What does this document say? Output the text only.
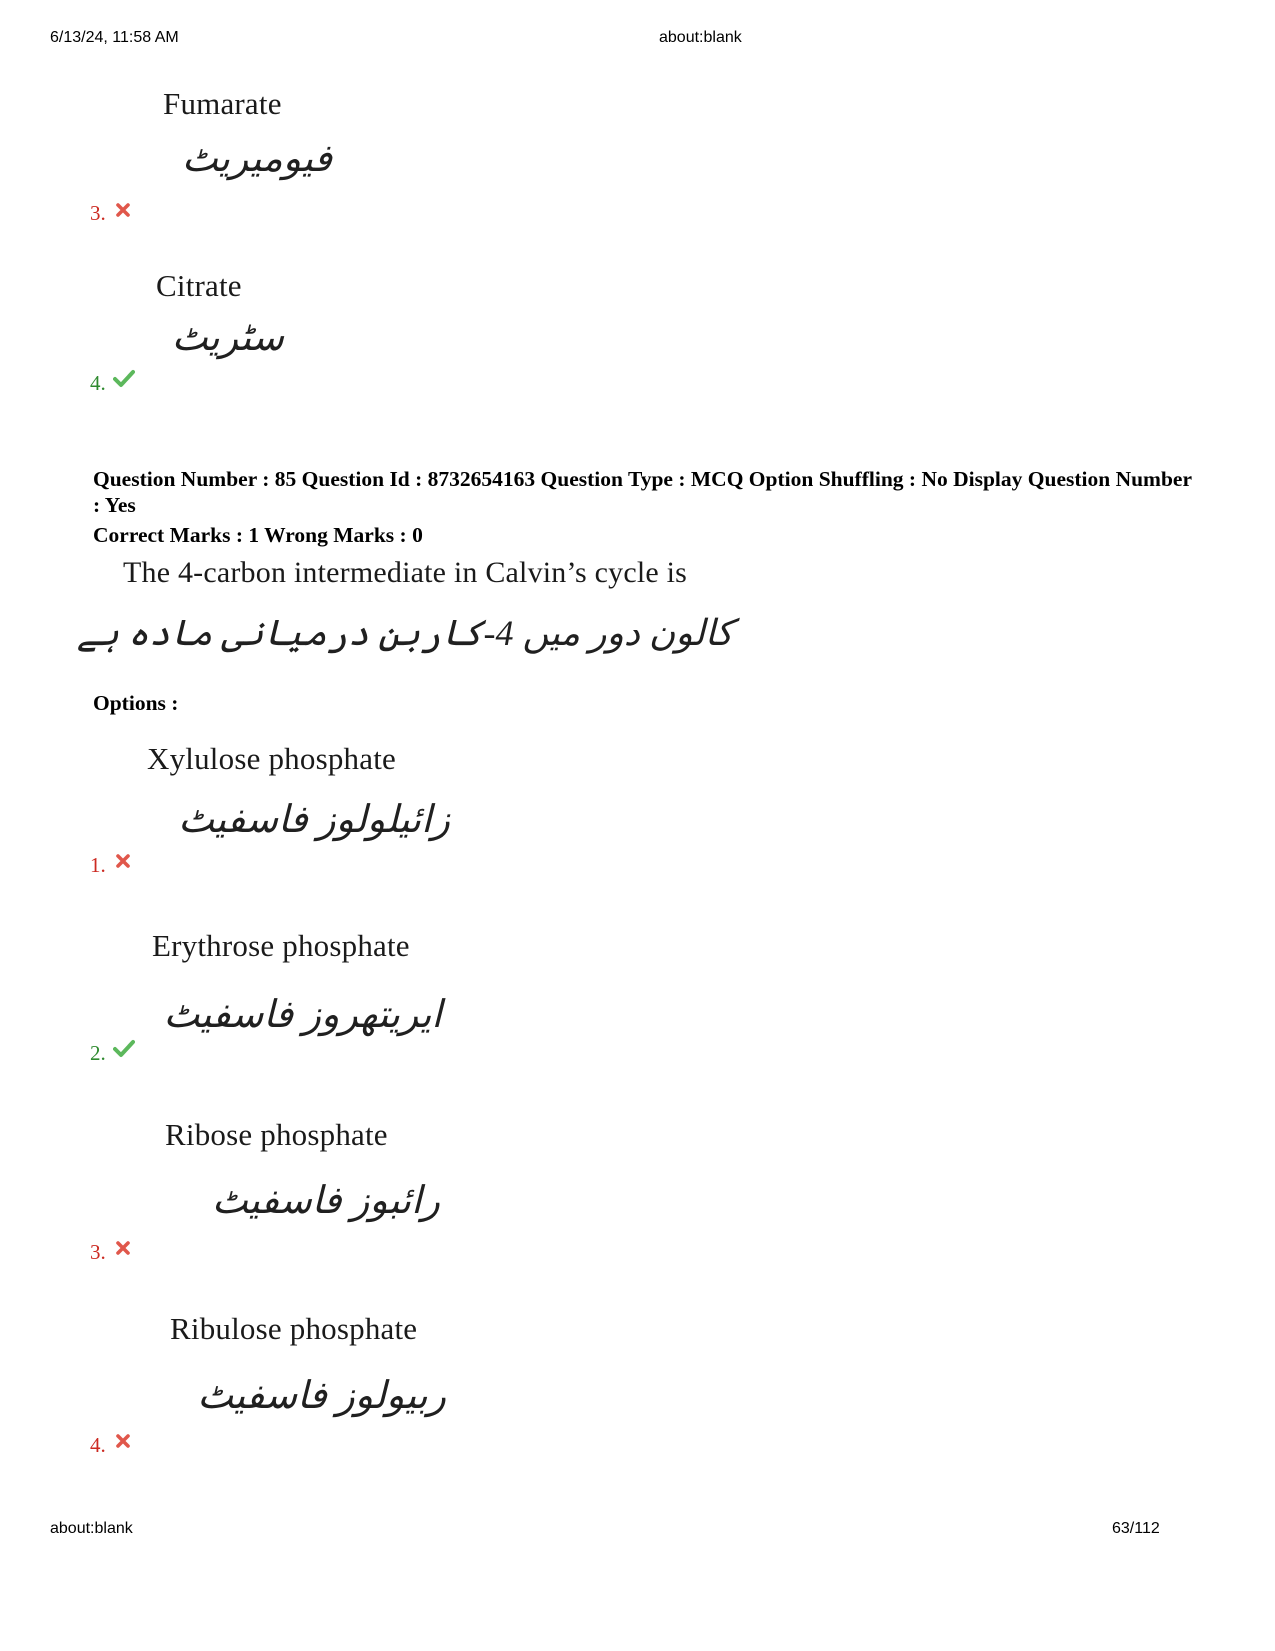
6/13/24, 11:58 AM	about:blank
Fumarate
فیومیریٹ
3.
Citrate
سٹریٹ
4.
Question Number : 85 Question Id : 8732654163 Question Type : MCQ Option Shuffling : No Display Question Number : Yes
Correct Marks : 1 Wrong Marks : 0
The 4-carbon intermediate in Calvin’s cycle is
کالون دور میں 4-کاربن درمیانی مادہ ہے
Options :
Xylulose phosphate
زائیلولوز فاسفیٹ
1.
Erythrose phosphate
ایریتھروز فاسفیٹ
2.
Ribose phosphate
رائبوز فاسفیٹ
3.
Ribulose phosphate
ربیولوز فاسفیٹ
4.
about:blank	63/112
